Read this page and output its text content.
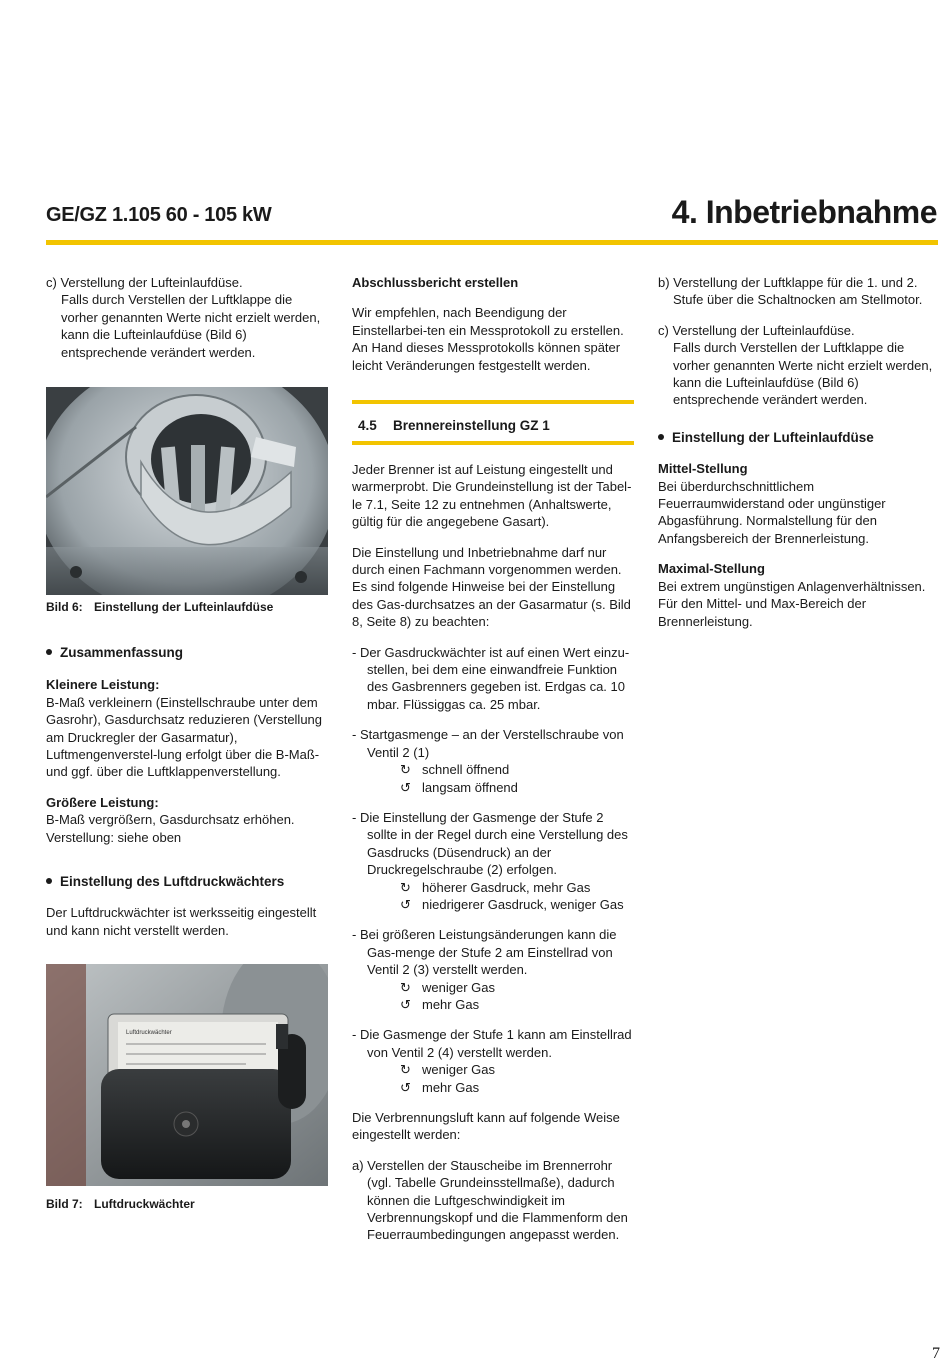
GE/GZ 1.105 60 - 105 kW	4. Inbetriebnahme

c) Verstellung der Lufteinlaufdüse.

Falls durch Verstellen der Luftklappe die vorher genannten Werte nicht erzielt werden, kann die Lufteinlaufdüse (Bild 6) entsprechende verändert werden.

Bild 6: Einstellung der Lufteinlaufdüse

Zusammenfassung

Kleinere Leistung:

B-Maß verkleinern (Einstellschraube unter dem Gasrohr), Gasdurchsatz reduzieren (Verstellung am Druckregler der Gasarmatur), Luftmengenverstel-lung erfolgt über die B-Maß- und ggf. über die Luftklappenverstellung.

Größere Leistung:

B-Maß vergrößern, Gasdurchsatz erhöhen. Verstellung: siehe oben

Einstellung des Luftdruckwächters

Der Luftdruckwächter ist werksseitig eingestellt und kann nicht verstellt werden.

Luftdruckwächter
Bild 7: Luftdruckwächter

Abschlussbericht erstellen

Wir empfehlen, nach Beendigung der Einstellarbei-ten ein Messprotokoll zu erstellen. An Hand dieses Messprotokolls können später leicht Veränderungen festgestellt werden.

4.5 Brennereinstellung GZ 1

Jeder Brenner ist auf Leistung eingestellt und warmerprobt. Die Grundeinstellung ist der Tabel-le 7.1, Seite 12 zu entnehmen (Anhaltswerte, gültig für die angegebene Gasart).

Die Einstellung und Inbetriebnahme darf nur durch einen Fachmann vorgenommen werden. Es sind folgende Hinweise bei der Einstellung des Gas-durchsatzes an der Gasarmatur (s. Bild 8, Seite 8) zu beachten:

- Der Gasdruckwächter ist auf einen Wert einzu-stellen, bei dem eine einwandfreie Funktion des Gasbrenners gegeben ist. Erdgas ca. 10 mbar. Flüssiggas ca. 25 mbar.

- Startgasmenge – an der Verstellschraube von Ventil 2 (1)

↻ schnell öffnend

↺ langsam öffnend

- Die Einstellung der Gasmenge der Stufe 2 sollte in der Regel durch eine Verstellung des Gasdrucks (Düsendruck) an der Druckregelschraube (2) erfolgen.

↻ höherer Gasdruck, mehr Gas

↺ niedrigerer Gasdruck, weniger Gas

- Bei größeren Leistungsänderungen kann die Gas-menge der Stufe 2 am Einstellrad von Ventil 2 (3) verstellt werden.

↻ weniger Gas

↺ mehr Gas

- Die Gasmenge der Stufe 1 kann am Einstellrad von Ventil 2 (4) verstellt werden.

↻ weniger Gas

↺ mehr Gas

Die Verbrennungsluft kann auf folgende Weise eingestellt werden:

a) Verstellen der Stauscheibe im Brennerrohr (vgl. Tabelle Grundeinsstellmaße), dadurch können die Luftgeschwindigkeit im Verbrennungskopf und die Flammenform den Feuerraumbedingungen angepasst werden.

b) Verstellung der Luftklappe für die 1. und 2. Stufe über die Schaltnocken am Stellmotor.

c) Verstellung der Lufteinlaufdüse.

Falls durch Verstellen der Luftklappe die vorher genannten Werte nicht erzielt werden, kann die Lufteinlaufdüse (Bild 6) entsprechende verändert werden.

Einstellung der Lufteinlaufdüse

Mittel-Stellung

Bei überdurchschnittlichem Feuerraumwiderstand oder ungünstiger Abgasführung. Normalstellung für den Anfangsbereich der Brennerleistung.

Maximal-Stellung

Bei extrem ungünstigen Anlagenverhältnissen. Für den Mittel- und Max-Bereich der Brennerleistung.

7
